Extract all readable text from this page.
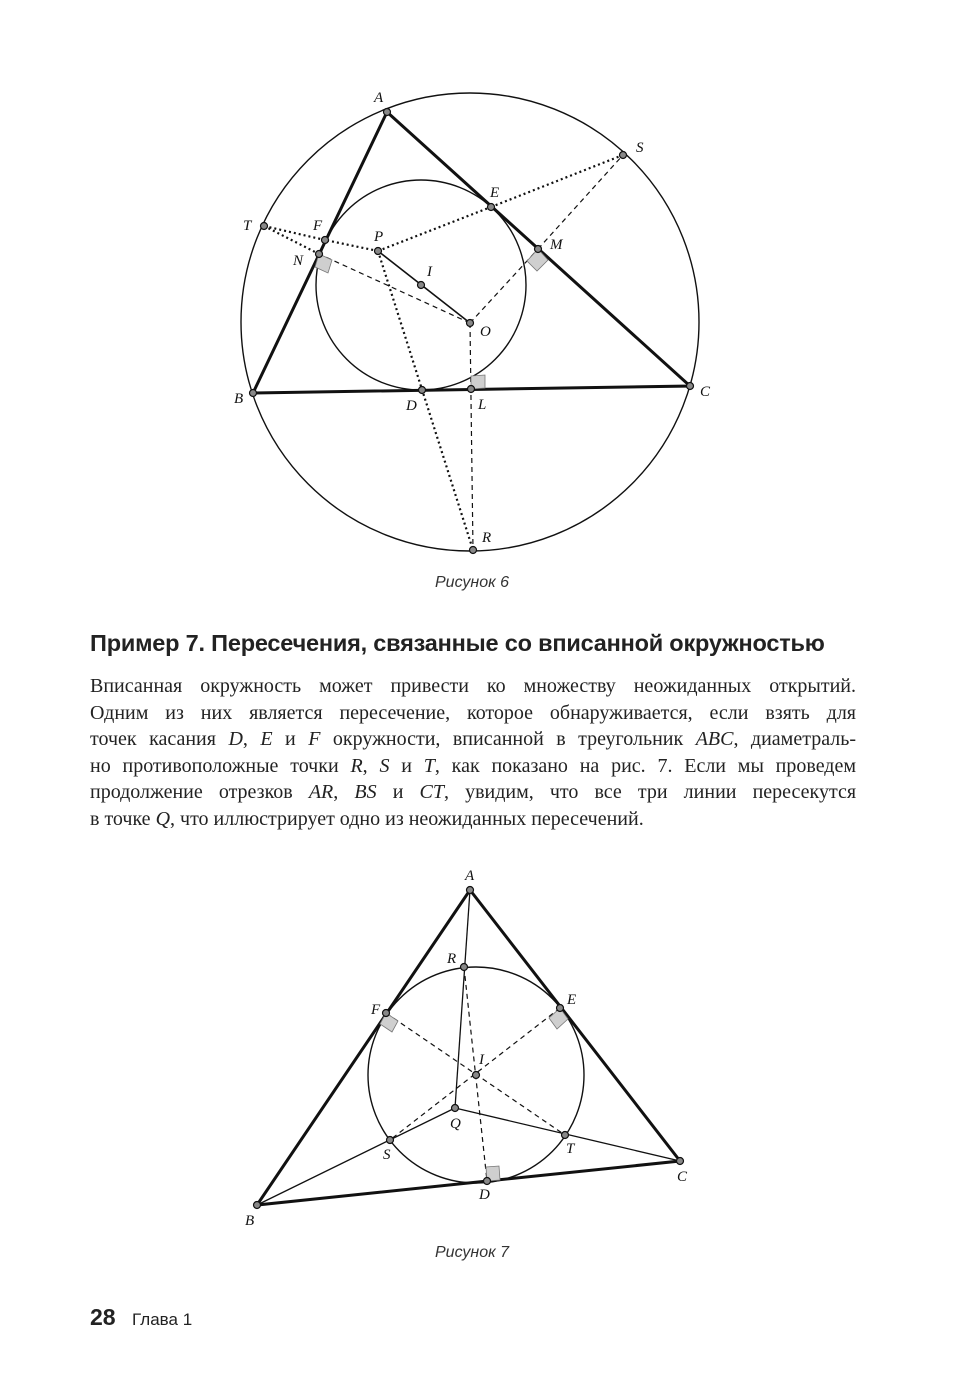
A
S
E
T	F
P	M
N
I
O
B	D	L
C
R
Рисунок 6
Пример 7. Пересечения, связанные со вписанной окружностью
Вписанная окружность может привести ко множеству неожиданных открытий.
Одним из них является пересечение, которое обнаруживается, если взять для
точек касания D, E и F окружности, вписанной в треугольник ABC, диаметраль-
но противоположные точки R, S и T, как показано на рис. 7. Если мы проведем
продолжение отрезков AR, BS и CT, увидим, что все три линии пересекутся
в точке Q, что иллюстрирует одно из неожиданных пересечений.
A
R
E
F
I
Q
S	T
C
D
B
Рисунок 7
28 Глава 1
